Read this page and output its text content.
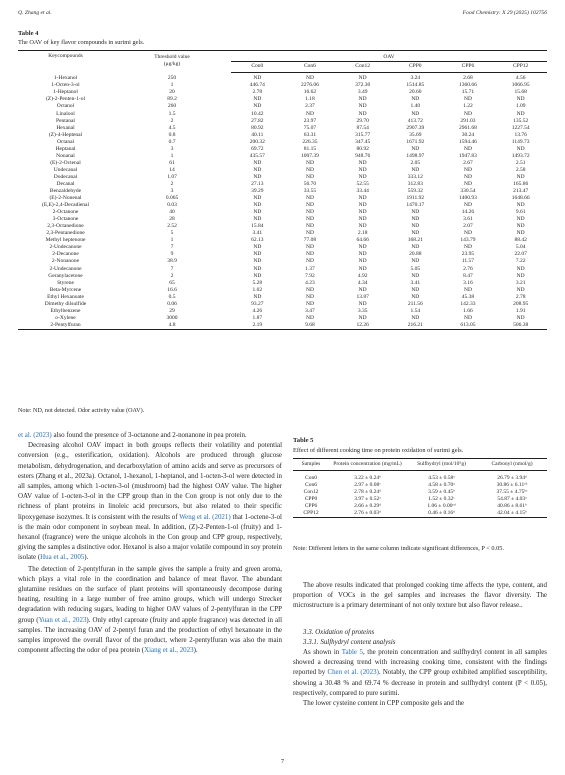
Q. Zhang et al.	Food Chemistry: X 29 (2025) 102756
Table 4
The OAV of key flavor compounds in surimi gels.
Keycompounds	Threshold value	OAV					
	(μg/kg)						
		Con0	Con6	Con12	CPP0	CPP6	CPP12
1-Hexanol	250	ND	ND	ND	3.24	2.68	4.56
1-Octen-3-ol	1	446.74	2276.06	372.30	1514.85	1360.66	1066.95
1-Heptanol	20	2.78	16.62	3.49	20.60	15.71	15.68
(Z)-2-Penten-1-ol	89.2	ND	1.18	ND	ND	ND	ND
Octanol	260	ND	2.37	ND	1.40	1.22	1.09
Linalool	1.5	10.42	ND	ND	ND	ND	ND
Pentanal	2	27.82	23.97	29.70	413.72	291.03	135.52
Hexanal	4.5	80.92	75.07	87.54	2907.39	2961.68	1227.54
(Z)-4-Heptenal	0.8	40.11	63.31	315.77	35.69	30.24	13.76
Octanal	0.7	200.32	226.35	347.45	1671.92	1594.46	1149.73
Heptanal	3	69.72	81.15	80.92	ND	ND	ND
Nonanal	1	435.57	1007.39	948.76	1498.97	1947.83	1493.72
(E)-2-Octenal	61	ND	ND	ND	2.05	2.67	2.51
Undecanal	14	ND	ND	ND	ND	ND	2.58
Dodecanal	1.07	ND	ND	ND	333.12	ND	ND
Decanal	2	27.13	56.70	52.55	312.83	ND	165.86
Benzaldehyde	3	39.29	33.55	33.44	559.32	330.54	213.47
(E)-2-Nonenal	0.065	ND	ND	ND	1911.92	1400.93	1648.66
(E,E)-2,4-Decadienal	0.03	ND	ND	ND	1470.17	ND	ND
2-Octanone	40	ND	ND	ND	ND	14.26	9.61
3-Octanone	28	ND	ND	ND	ND	3.61	ND
2,3-Octanedione	2.52	15.84	ND	ND	ND	2.07	ND
2,3-Pentanedione	5	3.41	ND	2.18	ND	ND	ND
Methyl heptenone	1	62.13	77.08	64.66	168.21	143.79	88.42
2-Undecanone	7	ND	ND	ND	ND	ND	5.04
2-Decanone	9	ND	ND	ND	20.88	23.95	22.07
2-Nonanone	38.9	ND	ND	ND	ND	11.57	7.22
2-Undecanone	7	ND	1.37	ND	5.05	2.76	ND
Geranylacetone	2	ND	7.92	4.92	ND	8.47	ND
Styrene	65	5.28	4.23	4.34	3.41	3.16	3.21
Beta-Myrcene	16.6	1.02	ND	ND	ND	ND	ND
Ethyl Hexanoate	0.5	ND	ND	13.87	ND	45.38	2.78
Dimethy dilsulfide	0.06	93.27	ND	ND	211.56	142.33	208.95
Ethylbenzene	29	4.26	3.47	3.35	1.54	1.66	1.91
o-Xylene	3000	1.87	ND	ND	ND	ND	ND
2-Pentylfuran	4.8	2.19	9.68	12.26	216.21	613.05	506.38
Note: ND, not detected. Odor activity value (OAV).

et al. (2023) also found the presence of 3-octanone and 2-nonanone in pea protein.

Decreasing alcohol OAV impact in both groups reflects their volatility and potential conversion (e.g., esterification, oxidation). Alcohols are produced through glucose metabolism, dehydrogenation, and decarboxylation of amino acids and serve as precursors of esters (Zhang et al., 2023a). Octanol, 1-hexanol, 1-heptanol, and 1-octen-3-ol were detected in all samples, among which 1-octen-3-ol (mushroom) had the highest OAV value. The higher OAV value of 1-octen-3-ol in the CPP group than in the Con group is not only due to the richness of plant proteins in linoleic acid precursors, but also related to their specific lipoxygenase isozymes. It is consistent with the results of Weng et al. (2021) that 1-octene-3-ol is the main odor component in soybean meal. In addition, (Z)-2-Penten-1-ol (fruity) and 1-hexanol (fragrance) were the unique alcohols in the Con group and CPP group, respectively, giving the samples a distinctive odor. Hexanol is also a major volatile compound in soy protein isolate (Hua et al., 2005).

The detection of 2-pentylfuran in the sample gives the sample a fruity and green aroma, which plays a vital role in the coordination and balance of meat flavor. The abundant glutamine residues on the surface of plant proteins will spontaneously decompose during heating, resulting in a large number of free amino groups, which will undergo Strecker degradation with reducing sugars, leading to higher OAV values of 2-pentylfuran in the CPP group (Yuan et al., 2023). Only ethyl caproate (fruity and apple fragrance) was detected in all samples. The increasing OAV of 2-pentyl furan and the production of ethyl hexanoate in the samples improved the overall flavor of the product, where 2-pentylfuran was also the main component affecting the odor of pea protein (Xiang et al., 2023).

Table 5
Effect of different cooking time on protein oxidation of surimi gels.
Samples	Protein concentration (mg/mL)	Sulfhydryl (mol/10⁵g)	Carbonyl (nmol/g)
Con0	3.22 ± 0.24ᵇ	4.53 ± 0.58ᵃ	26.79 ± 3.94ᵈ
Con6	2.97 ± 0.08ᶜ	4.58 ± 0.70ᵃ	30.86 ± 6.11ᶜᵈ
Con12	2.78 ± 0.24ᵈ	3.59 ± 0.45ᵇ	37.55 ± 4.75ᵇᶜ
CPP0	3.97 ± 0.52ᵃ	1.52 ± 0.32ᶜ	54.87 ± 4.03ᵃ
CPP6	2.66 ± 0.29ᵈ	1.06 ± 0.00ᶜᵈ	40.86 ± 8.61ᵇ
CPP12	2.76 ± 0.03ᵈ	0.46 ± 0.16ᵈ	42.04 ± 4.15ᵇ
Note: Different letters in the same column indicate significant differences, P < 0.05.

The above results indicated that prolonged cooking time affects the type, content, and proportion of VOCs in the gel samples and increases the flavor diversity. The microstructure is a primary determinant of not only texture but also flavor release..

3.3. Oxidation of proteins

3.3.1. Sulfhydryl content analysis

As shown in Table 5, the protein concentration and sulfhydryl content in all samples showed a decreasing trend with increasing cooking time, consistent with the findings reported by Chen et al. (2023). Notably, the CPP group exhibited amplified susceptibility, showing a 30.48 % and 69.74 % decrease in protein and sulfhydryl content (P < 0.05), respectively, compared to pure surimi.

The lower cysteine content in CPP composite gels and the

7
